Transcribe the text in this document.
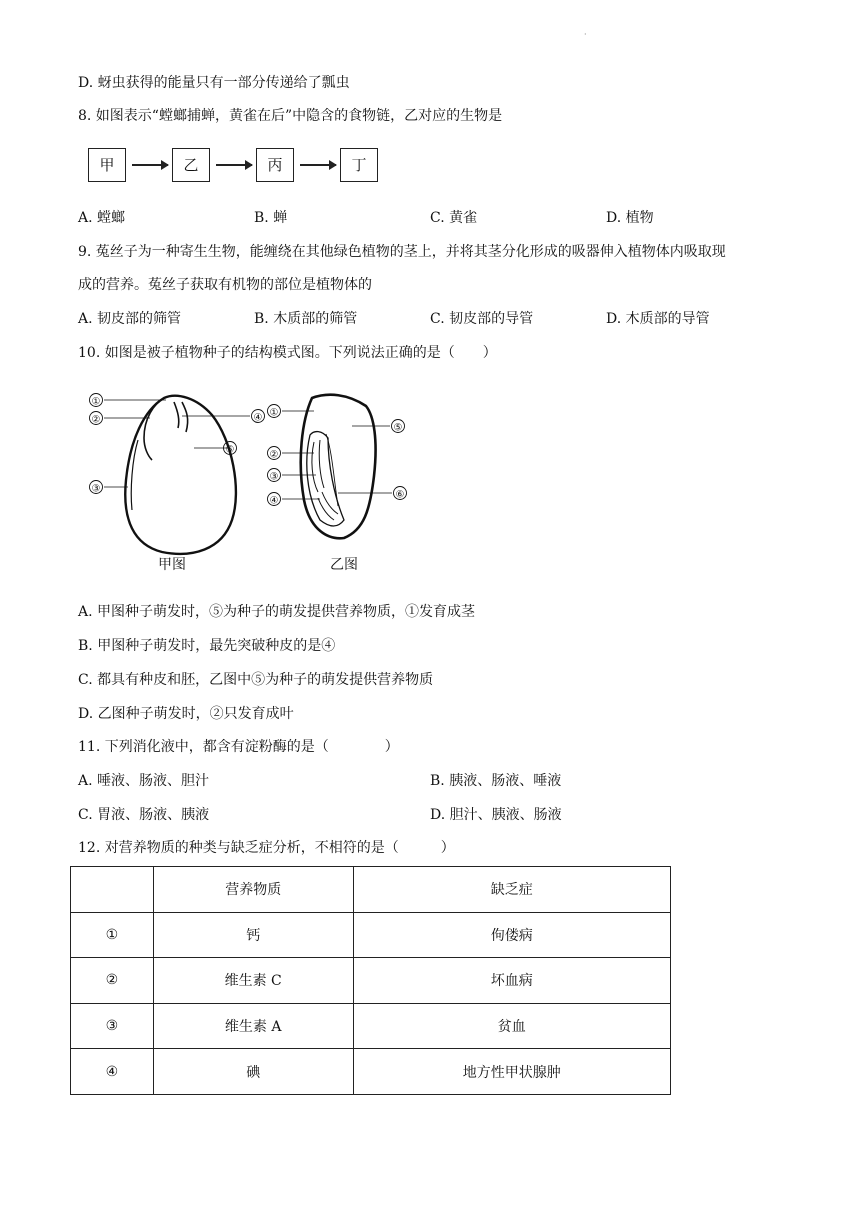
·
D. 蚜虫获得的能量只有一部分传递给了瓢虫
8. 如图表示“螳螂捕蝉，黄雀在后”中隐含的食物链，乙对应的生物是
甲	乙	丙	丁
A. 螳螂	B. 蝉	C. 黄雀	D. 植物
9. 菟丝子为一种寄生生物，能缠绕在其他绿色植物的茎上，并将其茎分化形成的吸器伸入植物体内吸取现
成的营养。菟丝子获取有机物的部位是植物体的
A. 韧皮部的筛管	B. 木质部的筛管	C. 韧皮部的导管	D. 木质部的导管
10. 如图是被子植物种子的结构模式图。下列说法正确的是（　　）
①
②
③
④
⑤
①
②
③
④
⑤
⑥
甲图	乙图
A. 甲图种子萌发时，⑤为种子的萌发提供营养物质，①发育成茎
B. 甲图种子萌发时，最先突破种皮的是④
C. 都具有种皮和胚，乙图中⑤为种子的萌发提供营养物质
D. 乙图种子萌发时，②只发育成叶
11. 下列消化液中，都含有淀粉酶的是（　　　　）
A. 唾液、肠液、胆汁	B. 胰液、肠液、唾液
C. 胃液、肠液、胰液	D. 胆汁、胰液、肠液
12. 对营养物质的种类与缺乏症分析，不相符的是（　　　）
	营养物质	缺乏症
①	钙	佝偻病
②	维生素 C	坏血病
③	维生素 A	贫血
④	碘	地方性甲状腺肿
